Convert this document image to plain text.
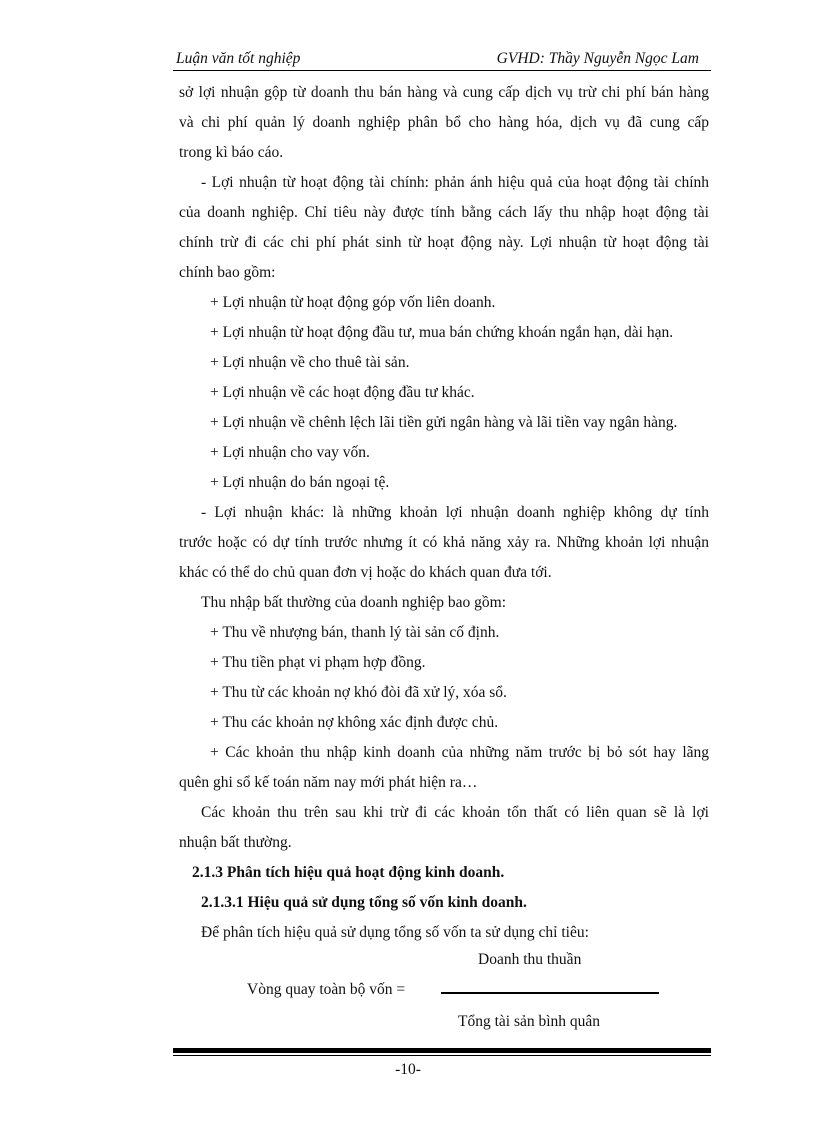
Luận văn tốt nghiệp	GVHD: Thầy Nguyễn Ngọc Lam
sở lợi nhuận gộp từ doanh thu bán hàng và cung cấp dịch vụ trừ chi phí bán hàng
và chi phí quản lý doanh nghiệp phân bổ cho hàng hóa, dịch vụ đã cung cấp
trong kì báo cáo.
- Lợi nhuận từ hoạt động tài chính: phản ánh hiệu quả của hoạt động tài chính
của doanh nghiệp. Chỉ tiêu này được tính bằng cách lấy thu nhập hoạt động tài
chính trừ đi các chi phí phát sinh từ hoạt động này. Lợi nhuận từ hoạt động tài
chính bao gồm:
+ Lợi nhuận từ hoạt động góp vốn liên doanh.
+ Lợi nhuận từ hoạt động đầu tư, mua bán chứng khoán ngắn hạn, dài hạn.
+ Lợi nhuận về cho thuê tài sản.
+ Lợi nhuận về các hoạt động đầu tư khác.
+ Lợi nhuận về chênh lệch lãi tiền gửi ngân hàng và lãi tiền vay ngân hàng.
+ Lợi nhuận cho vay vốn.
+ Lợi nhuận do bán ngoại tệ.
- Lợi nhuận khác: là những khoản lợi nhuận doanh nghiệp không dự tính
trước hoặc có dự tính trước nhưng ít có khả năng xảy ra. Những khoản lợi nhuận
khác có thể do chủ quan đơn vị hoặc do khách quan đưa tới.
Thu nhập bất thường của doanh nghiệp bao gồm:
+ Thu về nhượng bán, thanh lý tài sản cố định.
+ Thu tiền phạt vi phạm hợp đồng.
+ Thu từ các khoản nợ khó đòi đã xử lý, xóa sổ.
+ Thu các khoản nợ không xác định được chủ.
+ Các khoản thu nhập kinh doanh của những năm trước bị bỏ sót hay lãng
quên ghi sổ kế toán năm nay mới phát hiện ra…
Các khoản thu trên sau khi trừ đi các khoản tổn thất có liên quan sẽ là lợi
nhuận bất thường.
2.1.3 Phân tích hiệu quả hoạt động kinh doanh.
2.1.3.1 Hiệu quả sử dụng tổng số vốn kinh doanh.
Để phân tích hiệu quả sử dụng tổng số vốn ta sử dụng chỉ tiêu:
Doanh thu thuần
Vòng quay toàn bộ vốn =
Tổng tài sản bình quân
-10-
